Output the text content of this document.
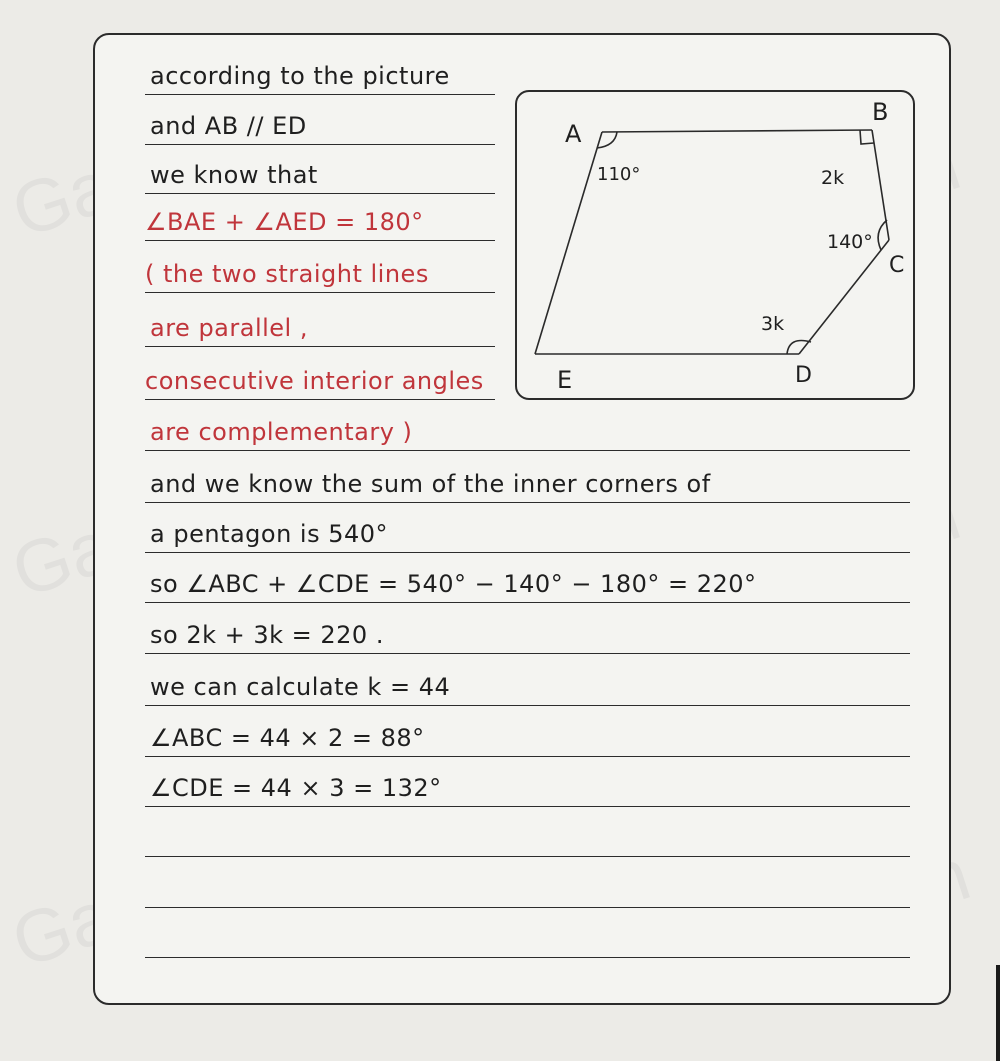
according to the picture
and AB // ED
we know that
∠BAE + ∠AED = 180°
( the two straight lines
are parallel ,
consecutive interior angles
are complementary )
and we know the sum of the inner corners of
a pentagon is 540°
so ∠ABC + ∠CDE = 540° − 140° − 180° = 220°
so 2k + 3k = 220 .
we can calculate k = 44
∠ABC = 44 × 2 = 88°
∠CDE = 44 × 3 = 132°
A
B
C
D
E
110°	2k
140°
3k
